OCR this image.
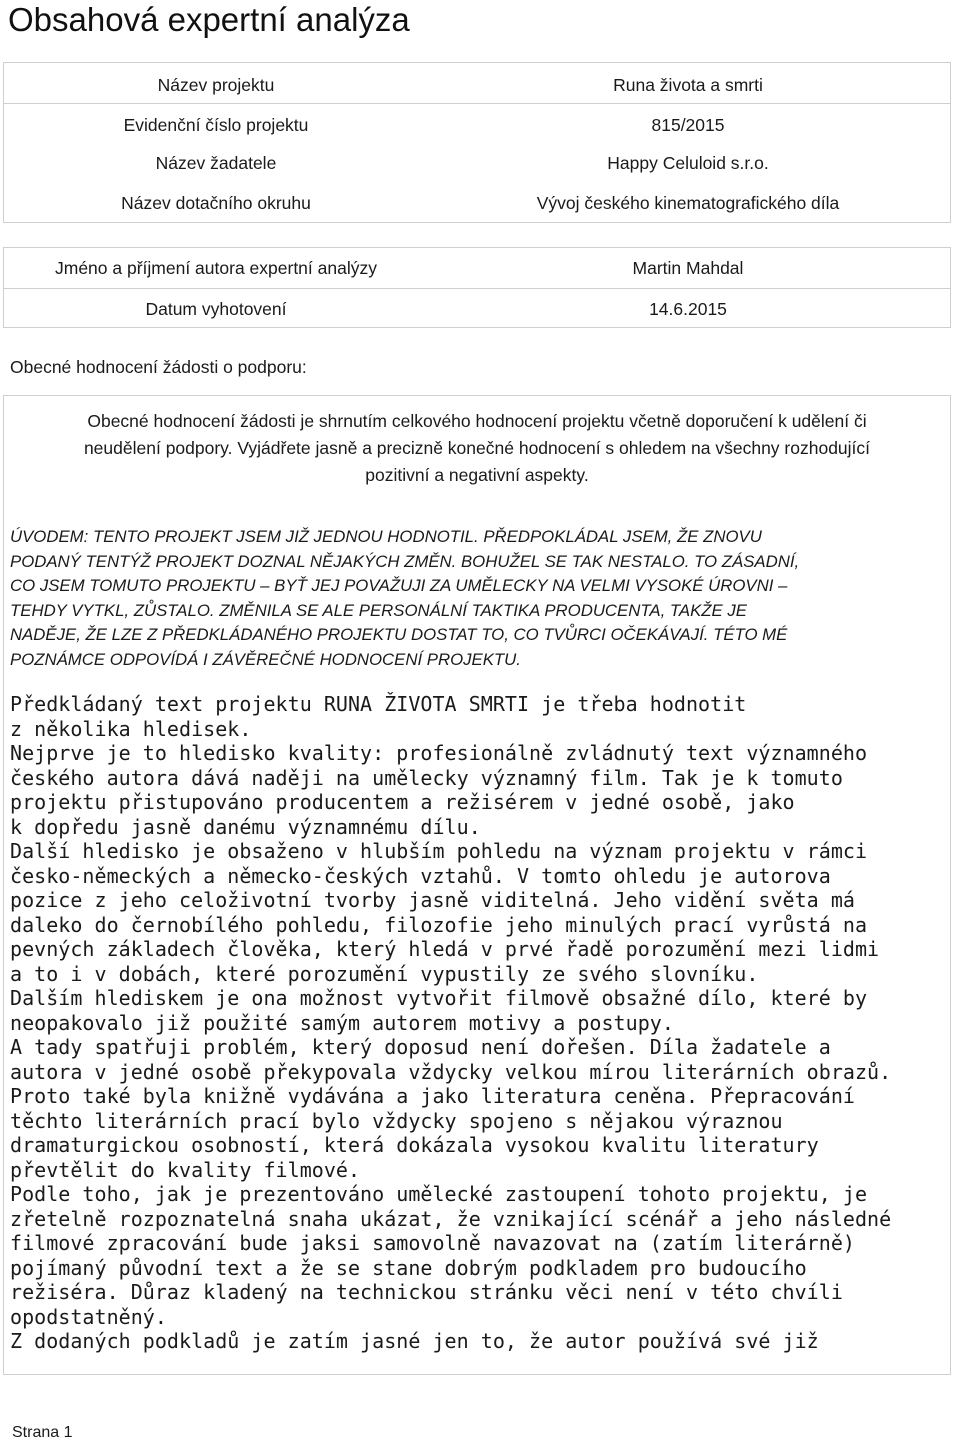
Obsahová expertní analýza
Název projektu	Runa života a smrti
Evidenční číslo projektu	815/2015
Název žadatele	Happy Celuloid s.r.o.
Název dotačního okruhu	Vývoj českého kinematografického díla
Jméno a příjmení autora expertní analýzy	Martin Mahdal
Datum vyhotovení	14.6.2015
Obecné hodnocení žádosti o podporu:
Obecné hodnocení žádosti je shrnutím celkového hodnocení projektu včetně doporučení k udělení či
neudělení podpory. Vyjádřete jasně a precizně konečné hodnocení s ohledem na všechny rozhodující
pozitivní a negativní aspekty.
ÚVODEM: TENTO PROJEKT JSEM JIŽ JEDNOU HODNOTIL. PŘEDPOKLÁDAL JSEM, ŽE ZNOVU
PODANÝ TENTÝŽ PROJEKT DOZNAL NĚJAKÝCH ZMĚN. BOHUŽEL SE TAK NESTALO. TO ZÁSADNÍ,
CO JSEM TOMUTO PROJEKTU – BYŤ JEJ POVAŽUJI ZA UMĚLECKY NA VELMI VYSOKÉ ÚROVNI –
TEHDY VYTKL, ZŮSTALO. ZMĚNILA SE ALE PERSONÁLNÍ TAKTIKA PRODUCENTA, TAKŽE JE
NADĚJE, ŽE LZE Z PŘEDKLÁDANÉHO PROJEKTU DOSTAT TO, CO TVŮRCI OČEKÁVAJÍ. TÉTO MÉ
POZNÁMCE ODPOVÍDÁ I ZÁVĚREČNÉ HODNOCENÍ PROJEKTU.
Předkládaný text projektu RUNA ŽIVOTA SMRTI je třeba hodnotit
z několika hledisek.
Nejprve je to hledisko kvality: profesionálně zvládnutý text významného
českého autora dává naději na umělecky významný film. Tak je k tomuto
projektu přistupováno producentem a režisérem v jedné osobě, jako
k dopředu jasně danému významnému dílu.
Další hledisko je obsaženo v hlubším pohledu na význam projektu v rámci
česko-německých a německo-českých vztahů. V tomto ohledu je autorova
pozice z jeho celoživotní tvorby jasně viditelná. Jeho vidění světa má
daleko do černobílého pohledu, filozofie jeho minulých prací vyrůstá na
pevných základech člověka, který hledá v prvé řadě porozumění mezi lidmi
a to i v dobách, které porozumění vypustily ze svého slovníku.
Dalším hlediskem je ona možnost vytvořit filmově obsažné dílo, které by
neopakovalo již použité samým autorem motivy a postupy.
A tady spatřuji problém, který doposud není dořešen. Díla žadatele a
autora v jedné osobě překypovala vždycky velkou mírou literárních obrazů.
Proto také byla knižně vydávána a jako literatura ceněna. Přepracování
těchto literárních prací bylo vždycky spojeno s nějakou výraznou
dramaturgickou osobností, která dokázala vysokou kvalitu literatury
převtělit do kvality filmové.
Podle toho, jak je prezentováno umělecké zastoupení tohoto projektu, je
zřetelně rozpoznatelná snaha ukázat, že vznikající scénář a jeho následné
filmové zpracování bude jaksi samovolně navazovat na (zatím literárně)
pojímaný původní text a že se stane dobrým podkladem pro budoucího
režiséra. Důraz kladený na technickou stránku věci není v této chvíli
opodstatněný.
Z dodaných podkladů je zatím jasné jen to, že autor používá své již
Strana 1
